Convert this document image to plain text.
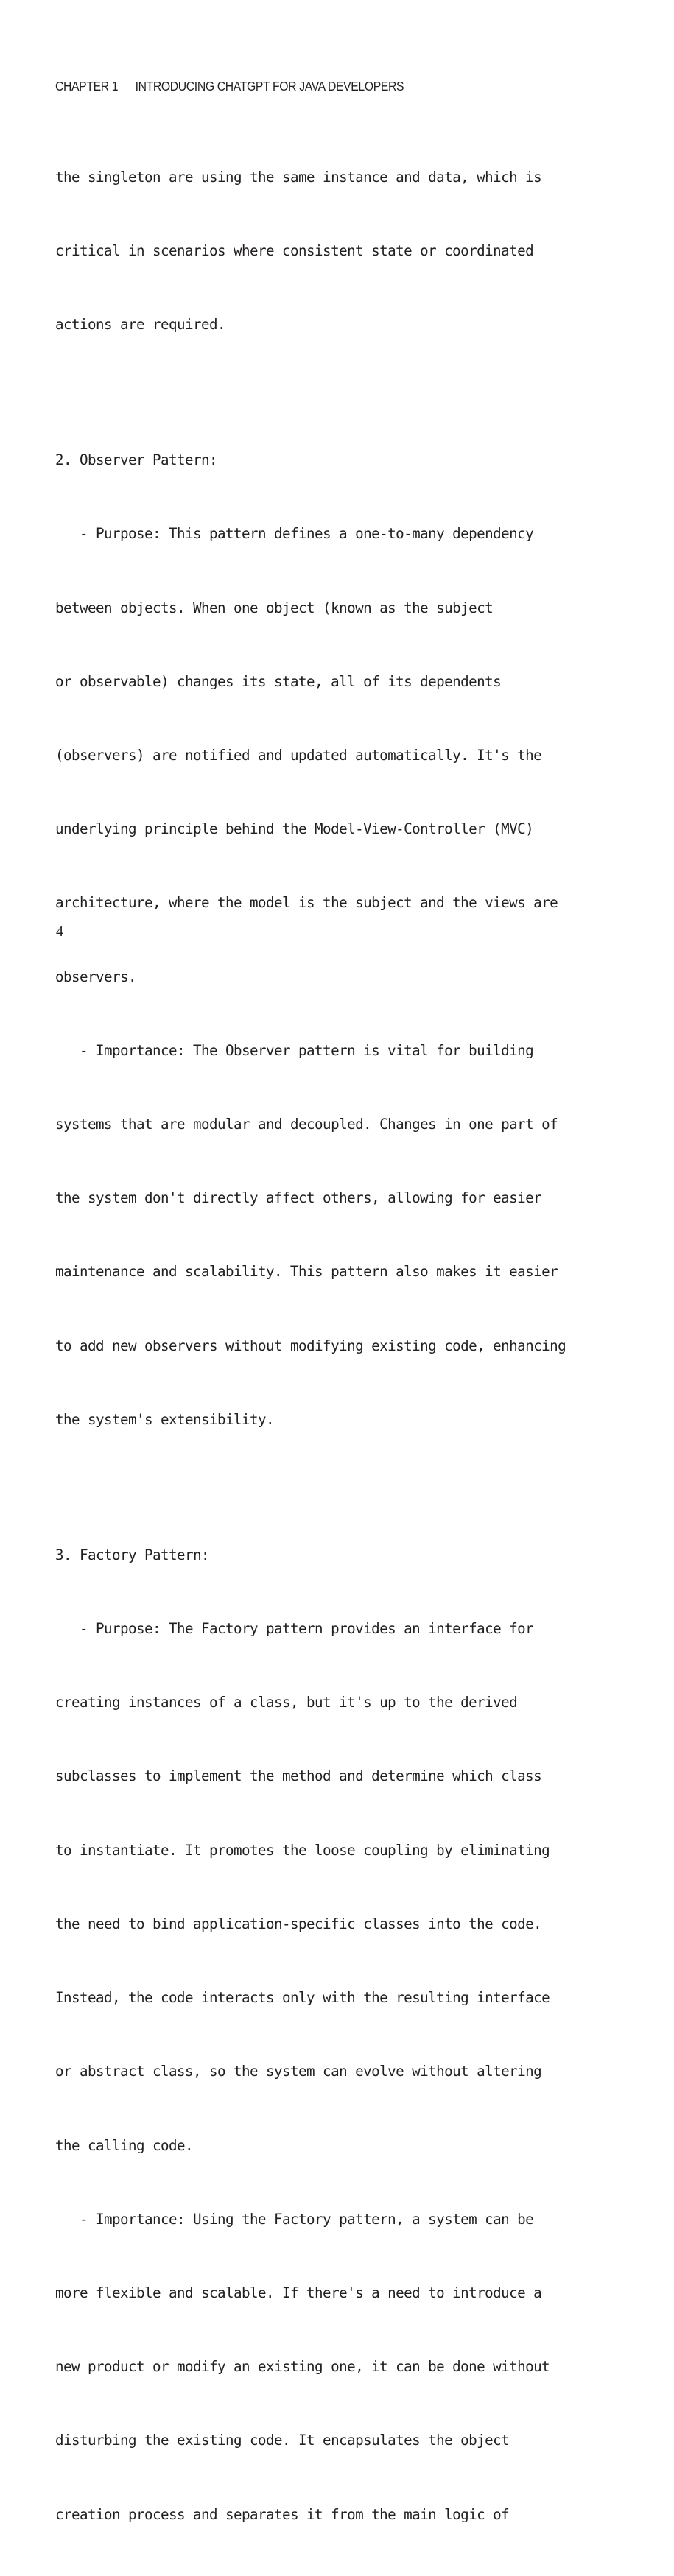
CHAPTER 1 INTRODUCING CHATGPT FOR JAVA DEVELOPERS

the singleton are using the same instance and data, which is

critical in scenarios where consistent state or coordinated

actions are required.

2. Observer Pattern:

- Purpose: This pattern defines a one-to-many dependency

between objects. When one object (known as the subject

or observable) changes its state, all of its dependents

(observers) are notified and updated automatically. It's the

underlying principle behind the Model-View-Controller (MVC)

architecture, where the model is the subject and the views are

observers.

- Importance: The Observer pattern is vital for building

systems that are modular and decoupled. Changes in one part of

the system don't directly affect others, allowing for easier

maintenance and scalability. This pattern also makes it easier

to add new observers without modifying existing code, enhancing

the system's extensibility.

3. Factory Pattern:

- Purpose: The Factory pattern provides an interface for

creating instances of a class, but it's up to the derived

subclasses to implement the method and determine which class

to instantiate. It promotes the loose coupling by eliminating

the need to bind application-specific classes into the code.

Instead, the code interacts only with the resulting interface

or abstract class, so the system can evolve without altering

the calling code.

- Importance: Using the Factory pattern, a system can be

more flexible and scalable. If there's a need to introduce a

new product or modify an existing one, it can be done without

disturbing the existing code. It encapsulates the object

creation process and separates it from the main logic of

4
